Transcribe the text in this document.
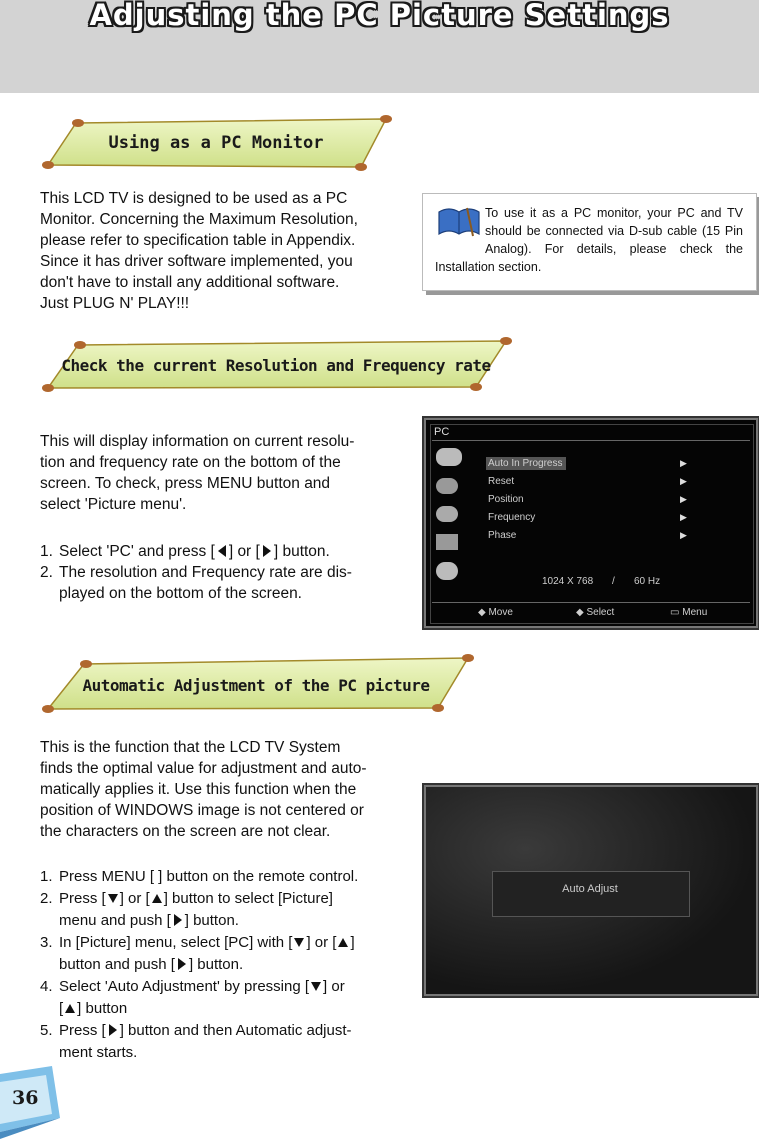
Adjusting the PC Picture Settings
Using as a PC Monitor

This LCD TV is designed to be used as a PC

Monitor. Concerning the Maximum Resolution,

please refer to specification table in Appendix.

Since it has driver software implemented, you

don't have to install any additional software.

Just PLUG N' PLAY!!!

To use it as a PC monitor, your PC and TV should be connected via D-sub cable (15 Pin Analog). For details, please check the Installation section.
Check the current Resolution and Frequency rate

This will display information on current resolu-

tion and frequency rate on the bottom of the

screen. To check, press MENU button and

select 'Picture menu'.

1. Select 'PC' and press [ ] or [ ] button.
2. The resolution and Frequency rate are dis-
played on the bottom of the screen.
PC
Auto In Progress
Reset
Position
Frequency
Phase
▶
▶
▶
▶
▶
1024 X 768 / 60 Hz
◆ Move	◆ Select	▭ Menu
Automatic Adjustment of the PC picture

This is the function that the LCD TV System

finds the optimal value for adjustment and auto-

matically applies it. Use this function when the

position of WINDOWS image is not centered or

the characters on the screen are not clear.

1. Press MENU [ ] button on the remote control.
2. Press [ ] or [ ] button to select [Picture]
menu and push [ ] button.
3. In [Picture] menu, select [PC] with [ ] or [ ]
button and push [ ] button.
4. Select 'Auto Adjustment' by pressing [ ] or
[ ] button
5. Press [ ] button and then Automatic adjust-
ment starts.
Auto Adjust
36
